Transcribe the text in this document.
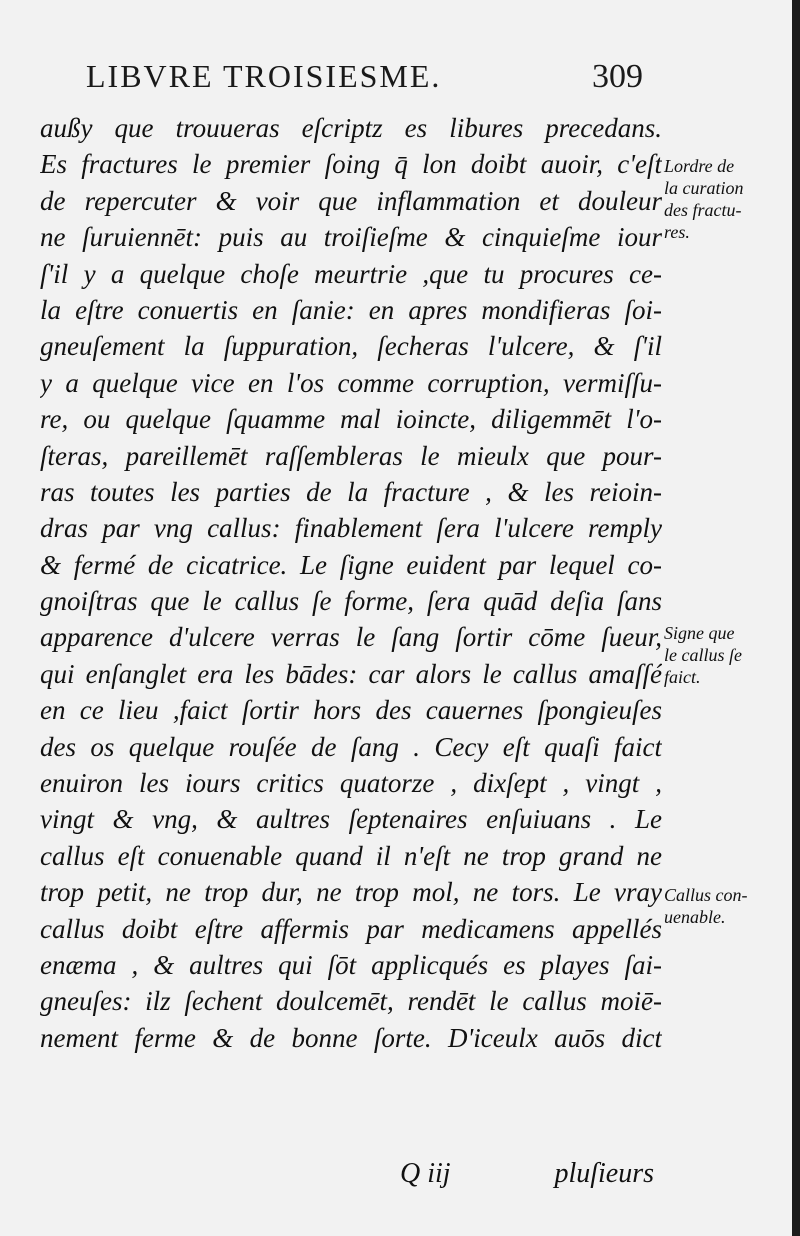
LIBVRE TROISIESME.	309
außy que trouueras eſcriptz es libures precedans.
Es fractures le premier ſoing q̄ lon doibt auoir, c'eſt
de repercuter & voir que inflammation et douleur
ne ſuruiennēt: puis au troiſieſme & cinquieſme iour
ſ'il y a quelque choſe meurtrie ,que tu procures ce-
la eſtre conuertis en ſanie: en apres mondifieras ſoi-
gneuſement la ſuppuration, ſecheras l'ulcere, & ſ'il
y a quelque vice en l'os comme corruption, vermiſſu-
re, ou quelque ſquamme mal ioincte, diligemmēt l'o-
ſteras, pareillemēt raſſembleras le mieulx que pour-
ras toutes les parties de la fracture , & les reioin-
dras par vng callus: finablement ſera l'ulcere remply
& fermé de cicatrice. Le ſigne euident par lequel co-
gnoiſtras que le callus ſe forme, ſera quād deſia ſans
apparence d'ulcere verras le ſang ſortir cōme ſueur,
qui enſanglet era les bādes: car alors le callus amaſſé
en ce lieu ,faict ſortir hors des cauernes ſpongieuſes
des os quelque rouſée de ſang . Cecy eſt quaſi faict
enuiron les iours critics quatorze , dixſept , vingt ,
vingt & vng, & aultres ſeptenaires enſuiuans . Le
callus eſt conuenable quand il n'eſt ne trop grand ne
trop petit, ne trop dur, ne trop mol, ne tors. Le vray
callus doibt eſtre affermis par medicamens appellés
enæma , & aultres qui ſōt applicqués es playes ſai-
gneuſes: ilz ſechent doulcemēt, rendēt le callus moiē-
nement ferme & de bonne ſorte. D'iceulx auōs dict
Lordre de
la curation
des fractu-
res.
Signe que
le callus ſe
faict.
Callus con-
uenable.
Q iij	pluſieurs
